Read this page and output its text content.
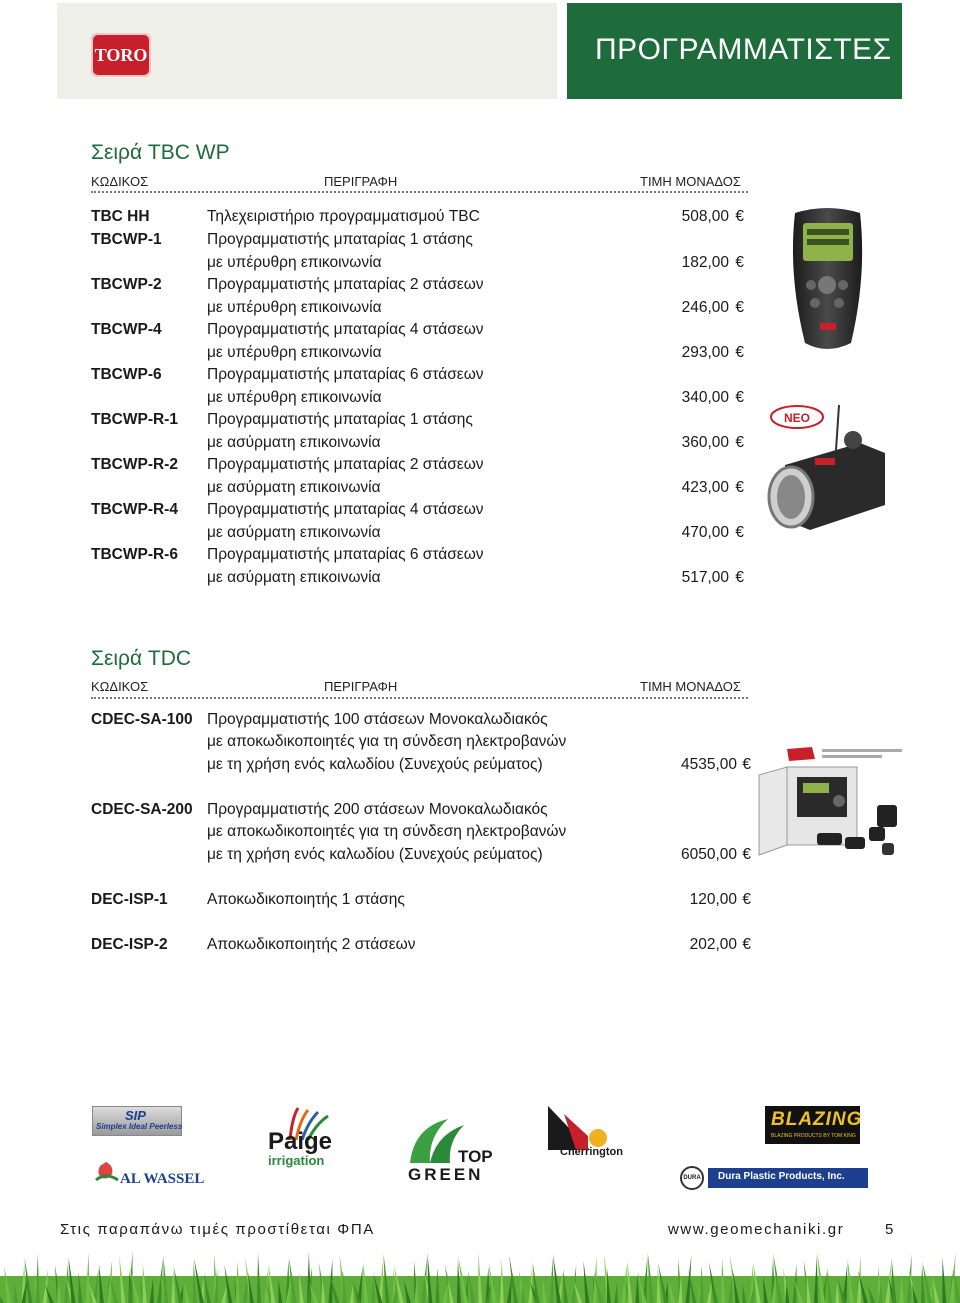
TORO	ΠΡΟΓΡΑΜΜΑΤΙΣΤΕΣ
Σειρά TBC WP
ΚΩΔΙΚΟΣ	ΠΕΡΙΓΡΑΦΗ	ΤΙΜΗ ΜΟΝΑΔΟΣ
TBC HH	Τηλεχειριστήριο προγραμματισμού TBC	508,00 €
TBCWP-1	Προγραμματιστής μπαταρίας 1 στάσης
με υπέρυθρη επικοινωνία	182,00 €
TBCWP-2	Προγραμματιστής μπαταρίας 2 στάσεων
με υπέρυθρη επικοινωνία	246,00 €
TBCWP-4	Προγραμματιστής μπαταρίας 4 στάσεων
με υπέρυθρη επικοινωνία	293,00 €
TBCWP-6	Προγραμματιστής μπαταρίας 6 στάσεων
με υπέρυθρη επικοινωνία	340,00 €
TBCWP-R-1 Προγραμματιστής μπαταρίας 1 στάσης
με ασύρματη επικοινωνία	360,00 €
TBCWP-R-2 Προγραμματιστής μπαταρίας 2 στάσεων
με ασύρματη επικοινωνία	423,00 €
TBCWP-R-4 Προγραμματιστής μπαταρίας 4 στάσεων
με ασύρματη επικοινωνία	470,00 €
TBCWP-R-6 Προγραμματιστής μπαταρίας 6 στάσεων
με ασύρματη επικοινωνία	517,00 €
ΝΕΟ
Σειρά TDC
ΚΩΔΙΚΟΣ	ΠΕΡΙΓΡΑΦΗ	ΤΙΜΗ ΜΟΝΑΔΟΣ
CDEC-SA-100 Προγραμματιστής 100 στάσεων Μονοκαλωδιακός
με αποκωδικοποιητές για τη σύνδεση ηλεκτροβανών
με τη χρήση ενός καλωδίου (Συνεχούς ρεύματος)	4535,00 €
CDEC-SA-200 Προγραμματιστής 200 στάσεων Μονοκαλωδιακός
με αποκωδικοποιητές για τη σύνδεση ηλεκτροβανών
με τη χρήση ενός καλωδίου (Συνεχούς ρεύματος)	6050,00 €
DEC-ISP-1	Αποκωδικοποιητής 1 στάσης	120,00 €
DEC-ISP-2	Αποκωδικοποιητής 2 στάσεων	202,00 €
SIP
Simplex Ideal Peerless
AL WASSEL
Paige
irrigation	TOP
GREEN
Cherrington
BLAZING
BLAZING PRODUCTS BY TOM KING
DURA	Dura Plastic Products, Inc.
Στις παραπάνω τιμές προστίθεται ΦΠΑ	www.geomechaniki.gr	5
